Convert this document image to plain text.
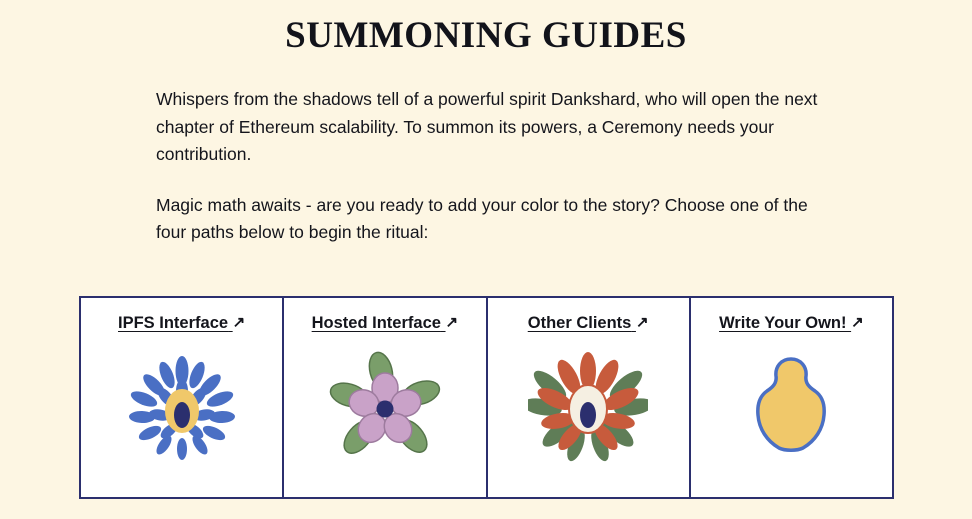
SUMMONING GUIDES

Whispers from the shadows tell of a powerful spirit Dankshard, who will open the next chapter of Ethereum scalability. To summon its powers, a Ceremony needs your contribution.

Magic math awaits - are you ready to add your color to the story? Choose one of the four paths below to begin the ritual:

IPFS Interface ↗	Hosted Interface ↗	Other Clients ↗	Write Your Own! ↗
